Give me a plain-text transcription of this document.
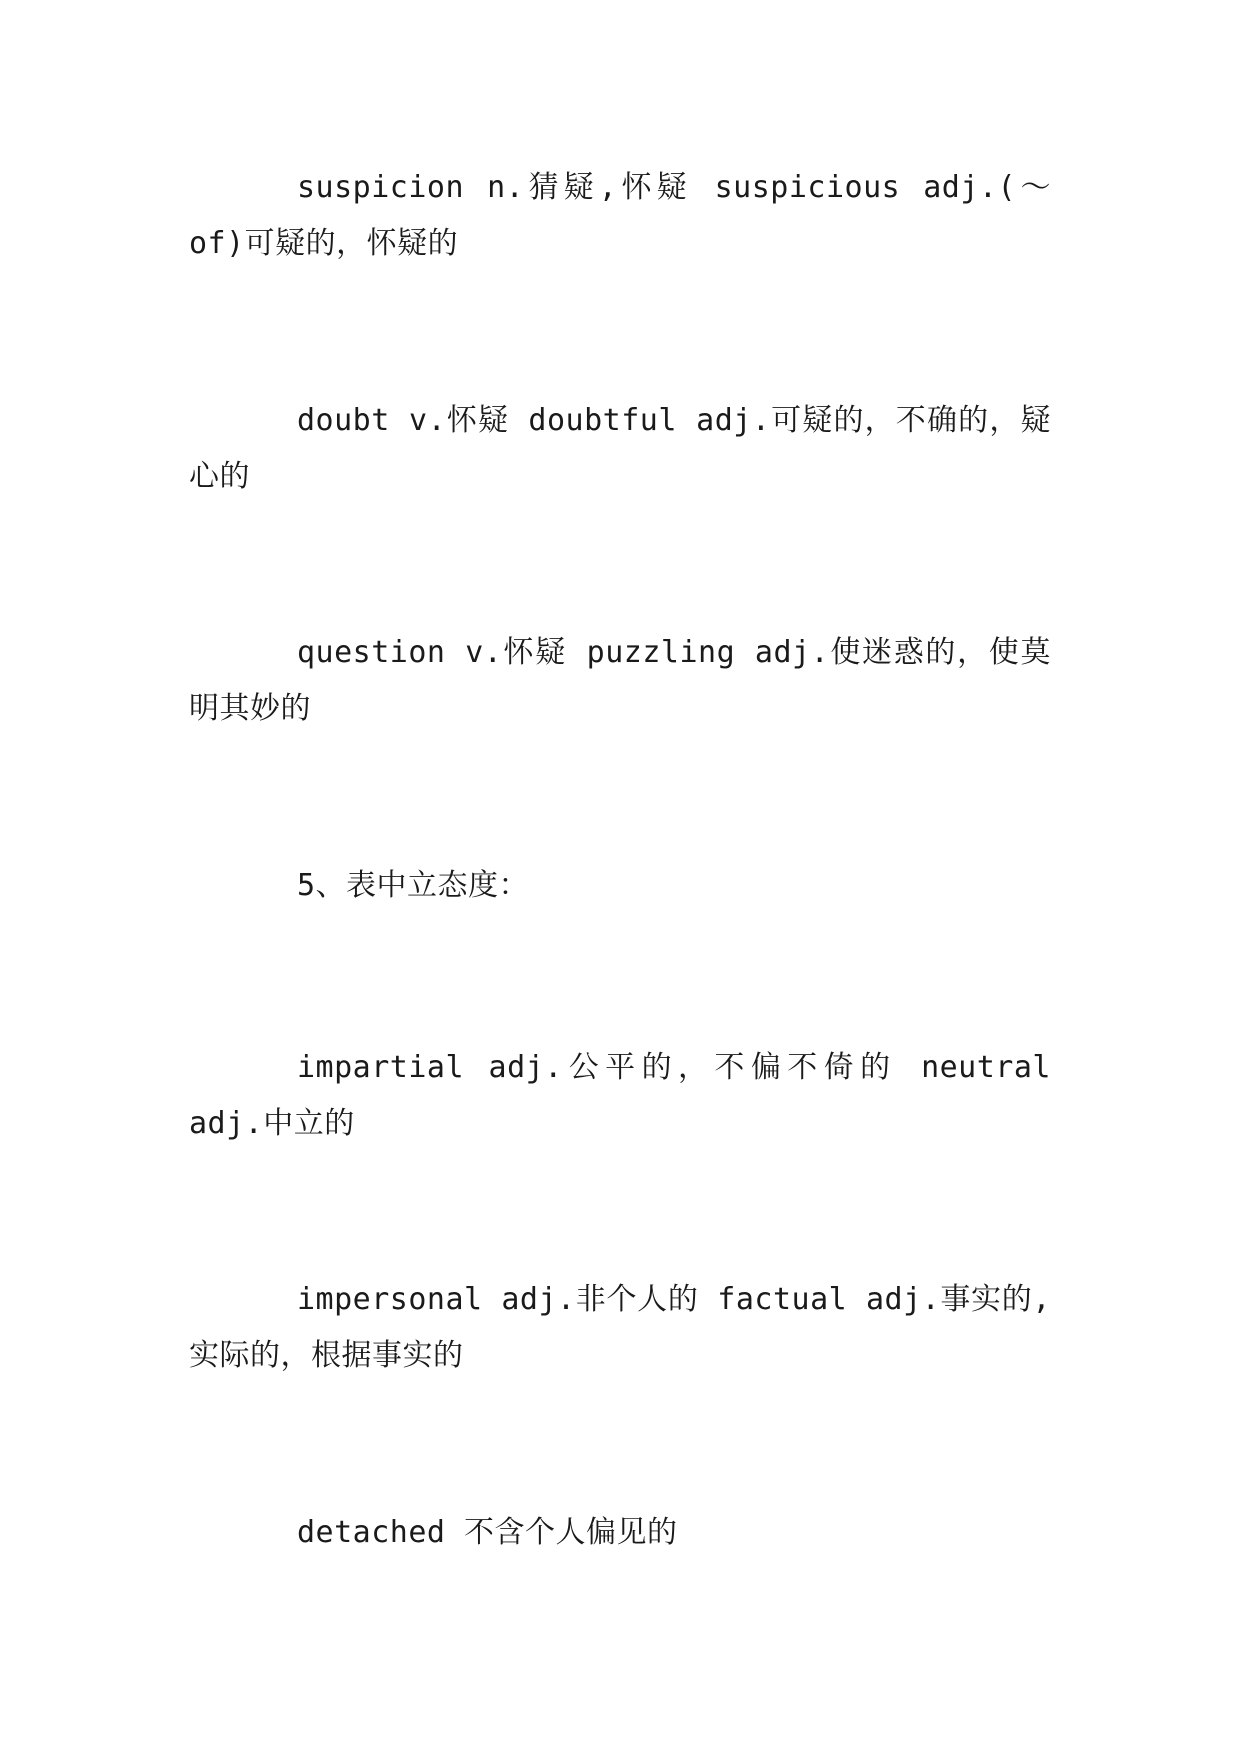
suspicion n.猜疑,怀疑 suspicious adj.(～of)可疑的，怀疑的

doubt v.怀疑 doubtful adj.可疑的，不确的，疑心的

question v.怀疑 puzzling adj.使迷惑的，使莫明其妙的

5、表中立态度：

impartial adj.公平的，不偏不倚的 neutral adj.中立的

impersonal adj.非个人的 factual adj.事实的,实际的，根据事实的

detached 不含个人偏见的
